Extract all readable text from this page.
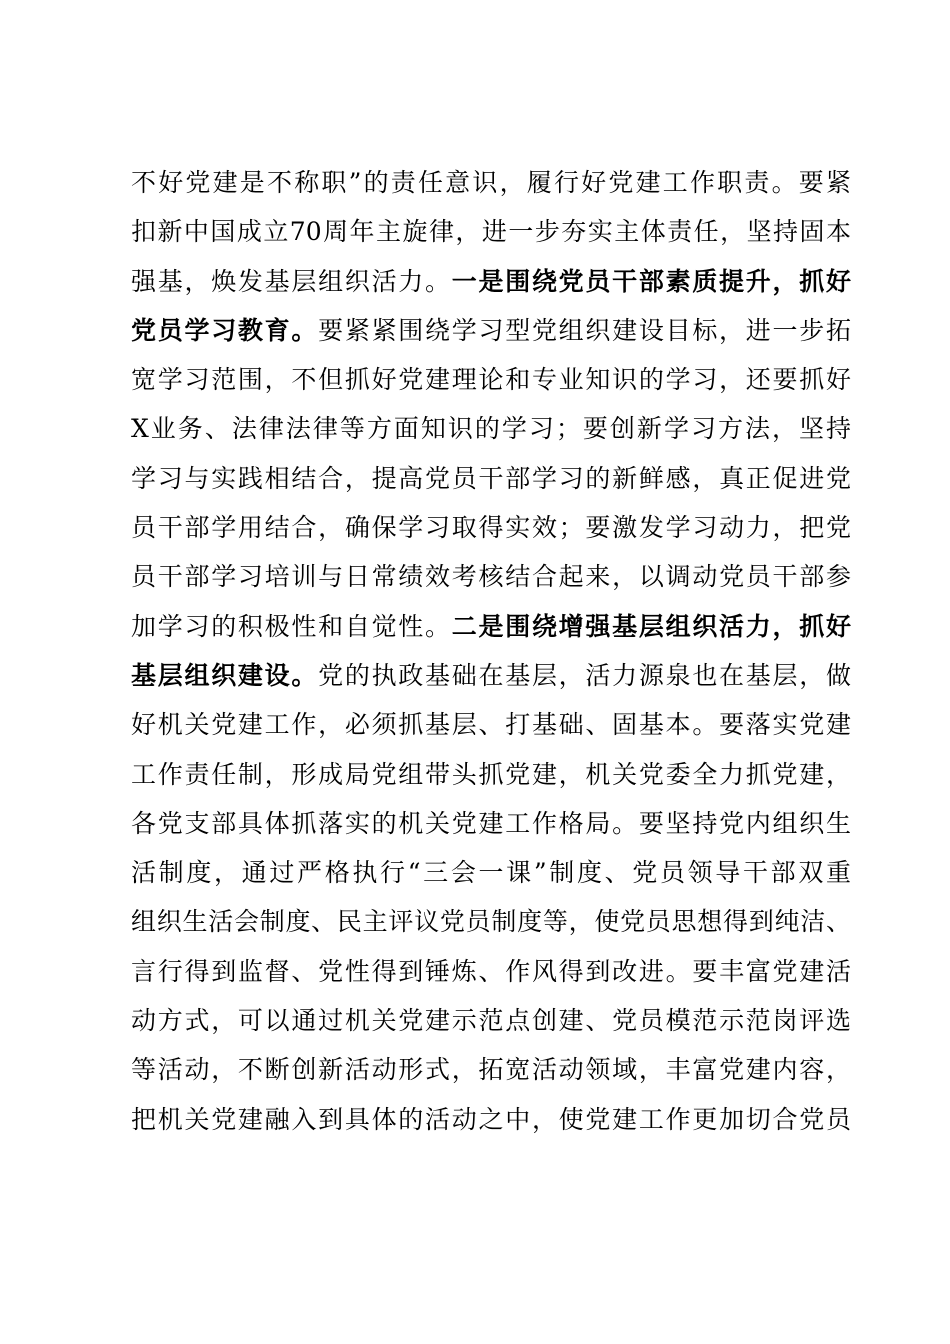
不好党建是不称职”的责任意识，履行好党建工作职责。要紧
扣新中国成立70周年主旋律，进一步夯实主体责任，坚持固本
强基，焕发基层组织活力。一是围绕党员干部素质提升，抓好
党员学习教育。要紧紧围绕学习型党组织建设目标，进一步拓
宽学习范围，不但抓好党建理论和专业知识的学习，还要抓好
X业务、法律法律等方面知识的学习；要创新学习方法，坚持
学习与实践相结合，提高党员干部学习的新鲜感，真正促进党
员干部学用结合，确保学习取得实效；要激发学习动力，把党
员干部学习培训与日常绩效考核结合起来，以调动党员干部参
加学习的积极性和自觉性。二是围绕增强基层组织活力，抓好
基层组织建设。党的执政基础在基层，活力源泉也在基层，做
好机关党建工作，必须抓基层、打基础、固基本。要落实党建
工作责任制，形成局党组带头抓党建，机关党委全力抓党建，
各党支部具体抓落实的机关党建工作格局。要坚持党内组织生
活制度，通过严格执行“三会一课”制度、党员领导干部双重
组织生活会制度、民主评议党员制度等，使党员思想得到纯洁、
言行得到监督、党性得到锤炼、作风得到改进。要丰富党建活
动方式，可以通过机关党建示范点创建、党员模范示范岗评选
等活动，不断创新活动形式，拓宽活动领域，丰富党建内容，
把机关党建融入到具体的活动之中，使党建工作更加切合党员
